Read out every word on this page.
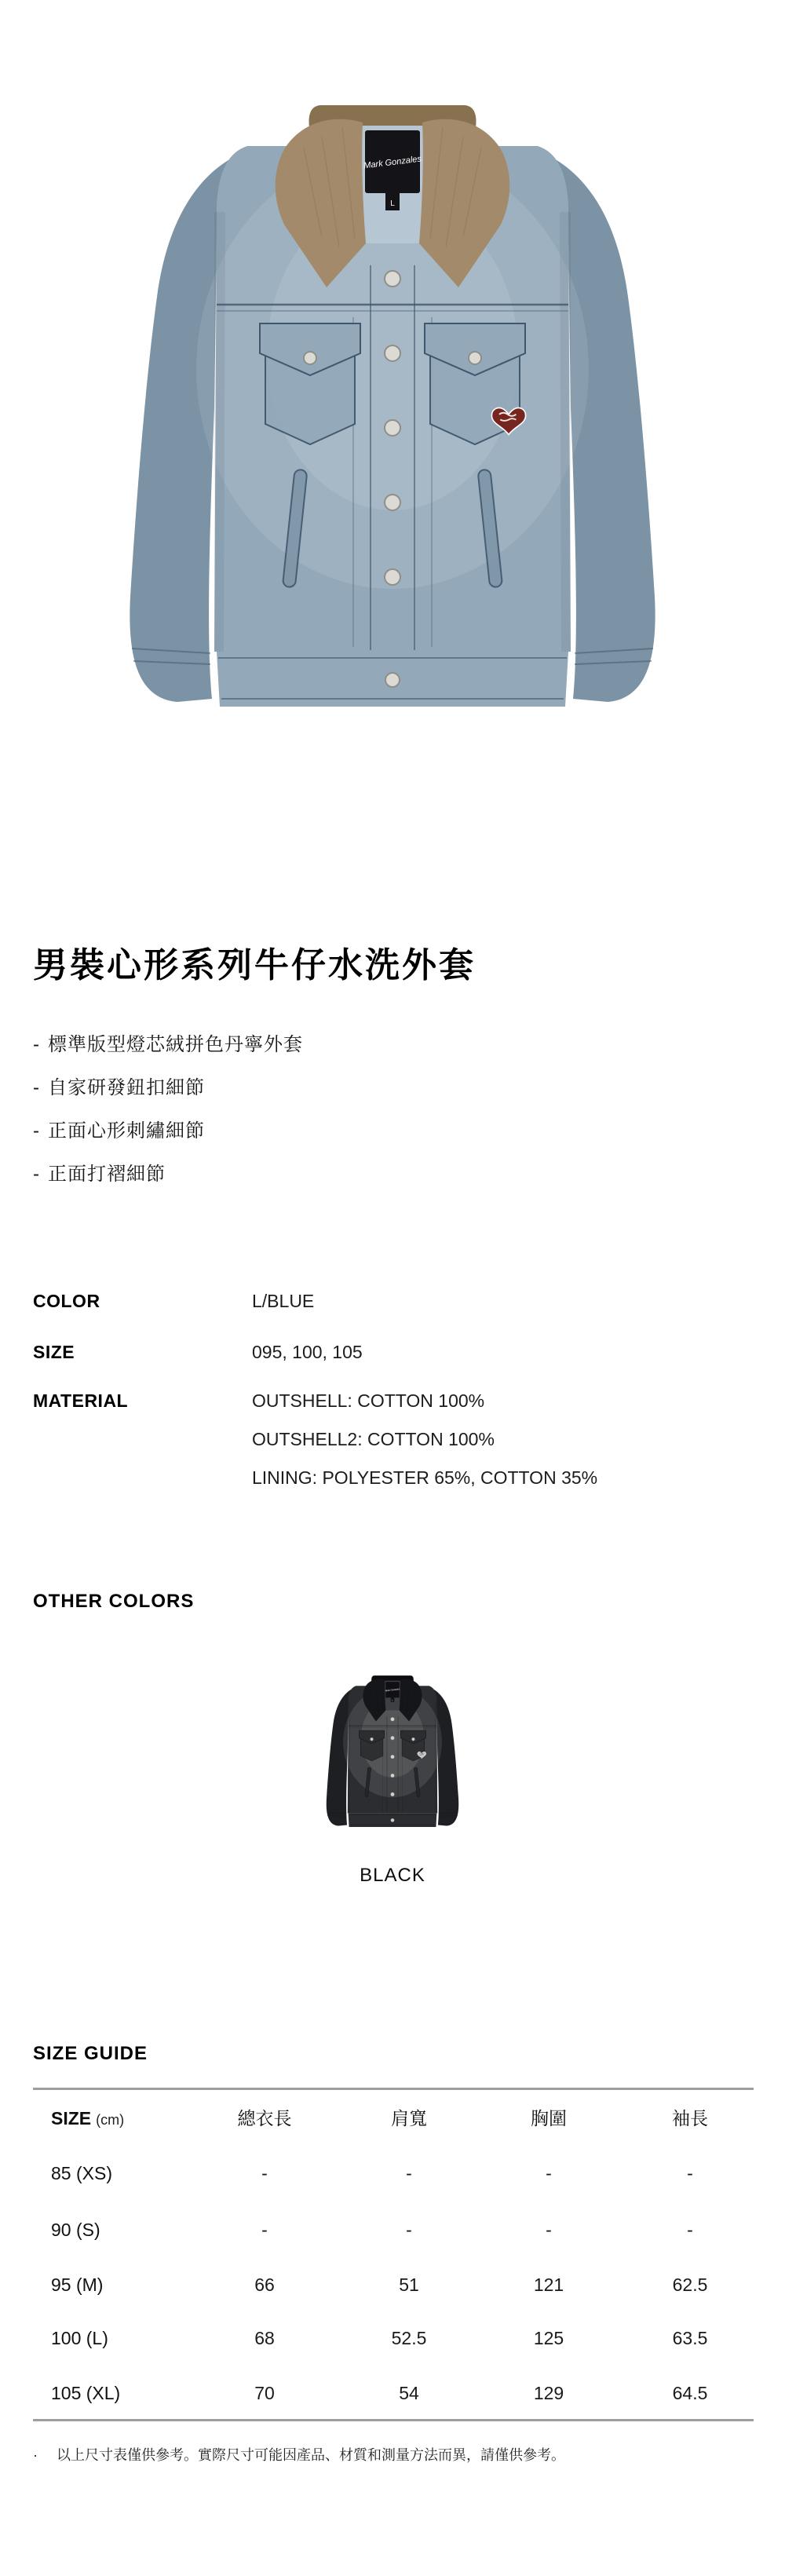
男裝心形系列牛仔水洗外套
- 標準版型燈芯絨拼色丹寧外套
- 自家研發鈕扣細節
- 正面心形刺繡細節
- 正面打褶細節
COLOR	L/BLUE
SIZE	095, 100, 105
MATERIAL	OUTSHELL: COTTON 100%
OUTSHELL2: COTTON 100%
LINING: POLYESTER 65%, COTTON 35%
OTHER COLORS
BLACK
SIZE GUIDE
SIZE (cm)	總衣長	肩寬	胸圍	袖長
85 (XS)	-	-	-	-
90 (S)	-	-	-	-
95 (M)	66	51	121	62.5
100 (L)	68	52.5	125	63.5
105 (XL)	70	54	129	64.5
·	以上尺寸表僅供參考。實際尺寸可能因產品、材質和測量方法而異，請僅供參考。
